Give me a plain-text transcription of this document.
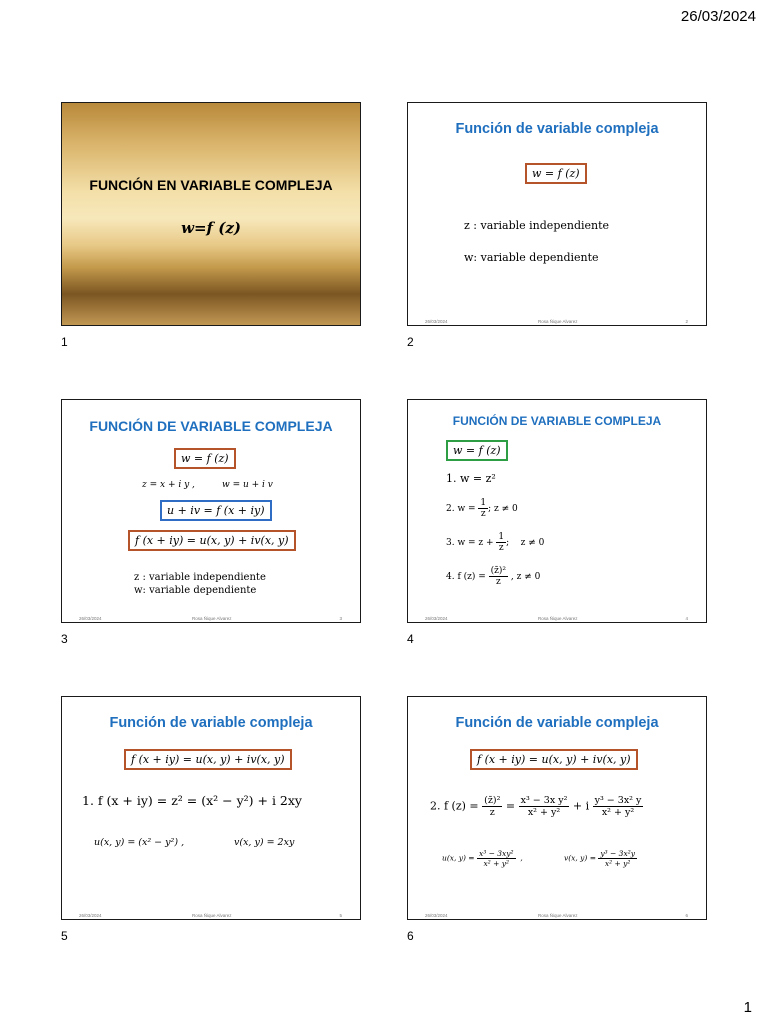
26/03/2024
FUNCIÓN EN VARIABLE COMPLEJA
w=f (z)
1
Función de variable compleja
w = f (z)
z : variable independiente
w: variable dependiente
26/03/2024	Rosa Ñique Alvarez	2
2
FUNCIÓN DE VARIABLE COMPLEJA
w = f (z)
z = x + i y ,	w = u + i v
u + iv = f (x + iy)
f (x + iy) = u(x, y) + iv(x, y)
z : variable independiente
w: variable dependiente
26/03/2024	Rosa Ñique Alvarez	3
3
FUNCIÓN DE VARIABLE COMPLEJA
w = f (z)
1. w = z²
2. $w = \frac{1}{z}$ ; z ≠ 0
3. $w = z + \frac{1}{z}$ ; z ≠ 0
4. f $(z) = \frac{\text{(z̄)²}}{z}$ , z ≠ 0
26/03/2024	Rosa Ñique Alvarez	4
4
Función de variable compleja
f (x + iy) = u(x, y) + iv(x, y)
1. f (x + iy) = z² = (x² − y²) + i 2xy
u(x, y) = (x² − y²) ,	v(x, y) = 2xy
26/03/2024	Rosa Ñique Alvarez	5
5
Función de variable compleja
f (x + iy) = u(x, y) + iv(x, y)
2. f $(z) = \frac{\text{(z̄)²}}{z} = \frac{\text{x³ − 3x y²}}{\text{x² + y²}} + i \frac{\text{y³ − 3x² y}}{\text{x² + y²}}$
u(x, $y) = \frac{\text{x³ − 3xy²}}{\text{x² + y²}}$ ,	v(x, $y) = \frac{\text{y³ − 3x²y}}{\text{x² + y²}}$
26/03/2024	Rosa Ñique Alvarez	6
6
1
